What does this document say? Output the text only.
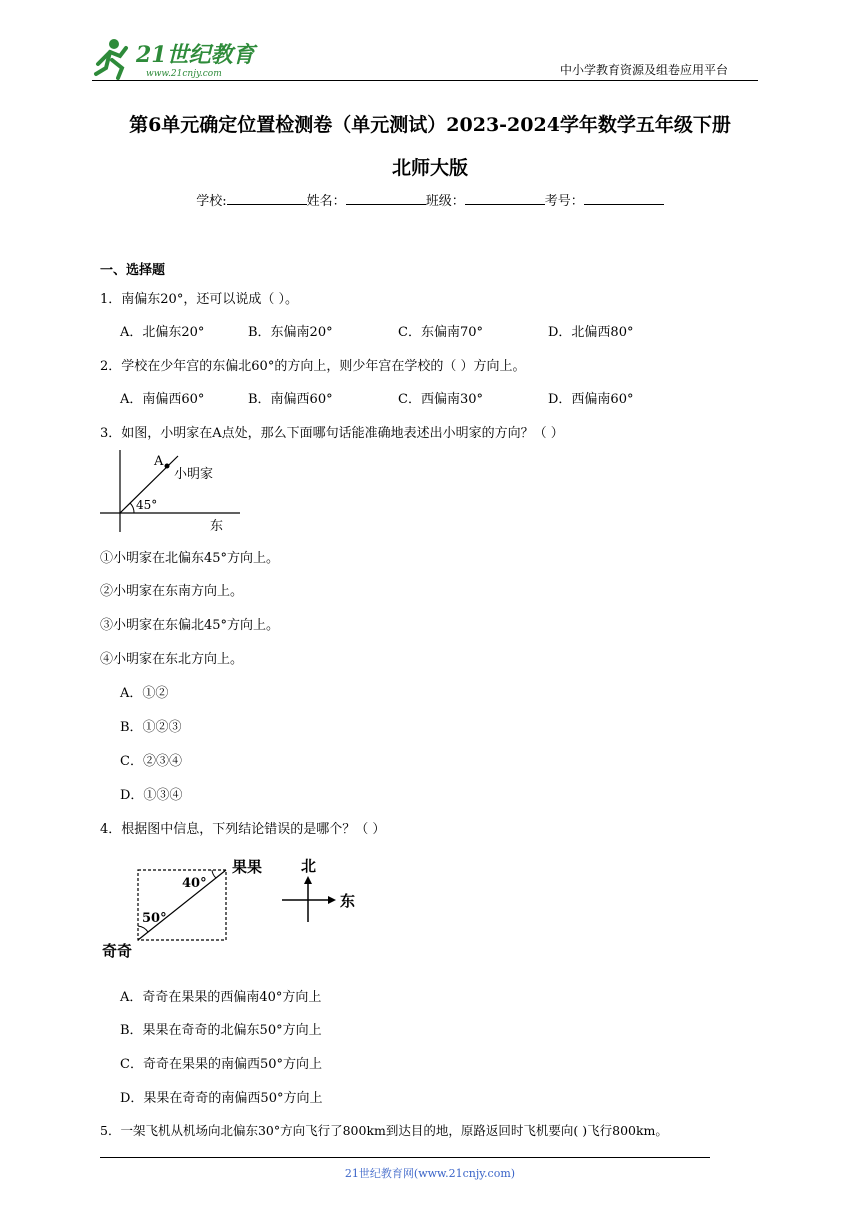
21世纪教育
www.21cnjy.com	中小学教育资源及组卷应用平台
第6单元确定位置检测卷（单元测试）2023-2024学年数学五年级下册
北师大版
学校:	姓名：	班级：	考号：
一、选择题
1．南偏东20°，还可以说成（ ）。
A．北偏东20°	B．东偏南20°	C．东偏南70°	D．北偏西80°
2．学校在少年宫的东偏北60°的方向上，则少年宫在学校的（ ）方向上。
A．南偏西60°	B．南偏西60°	C．西偏南30°	D．西偏南60°
3．如图，小明家在A点处，那么下面哪句话能准确地表述出小明家的方向？（ ）
A
小明家
45°
东
①小明家在北偏东45°方向上。
②小明家在东南方向上。
③小明家在东偏北45°方向上。
④小明家在东北方向上。
A．①②
B．①②③
C．②③④
D．①③④
4．根据图中信息，下列结论错误的是哪个？（ ）
40°
50°
果果
奇奇
北
东
A．奇奇在果果的西偏南40°方向上
B．果果在奇奇的北偏东50°方向上
C．奇奇在果果的南偏西50°方向上
D．果果在奇奇的南偏西50°方向上
5．一架飞机从机场向北偏东30°方向飞行了800km到达目的地，原路返回时飞机要向( )飞行800km。
21世纪教育网(www.21cnjy.com)
